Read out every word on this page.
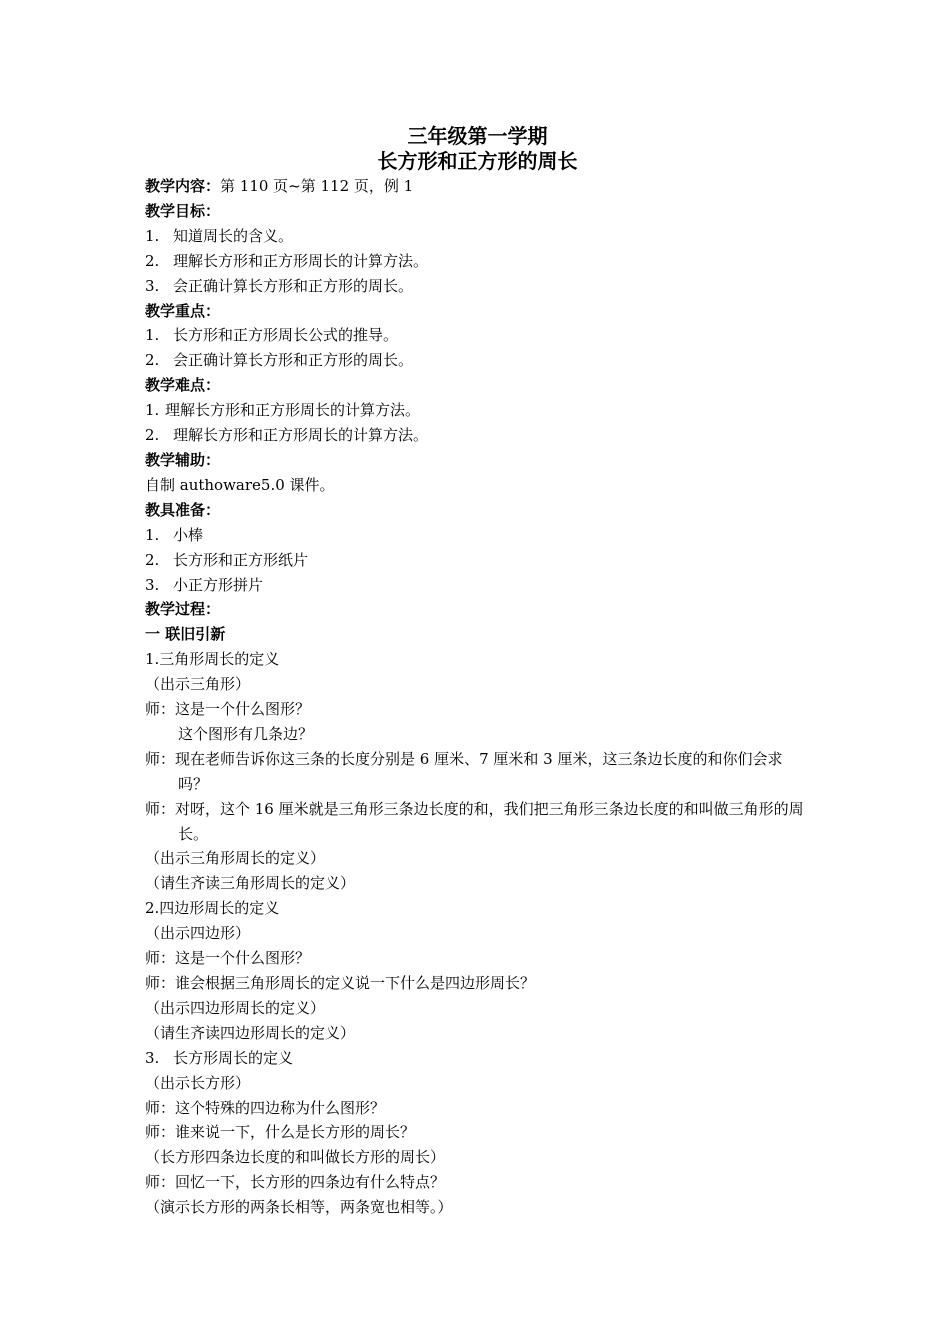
三年级第一学期

长方形和正方形的周长

教学内容：第 110 页~第 112 页，例 1

教学目标：

1. 知道周长的含义。

2. 理解长方形和正方形周长的计算方法。

3. 会正确计算长方形和正方形的周长。

教学重点：

1. 长方形和正方形周长公式的推导。

2. 会正确计算长方形和正方形的周长。

教学难点：

1. 理解长方形和正方形周长的计算方法。

2. 理解长方形和正方形周长的计算方法。

教学辅助：

自制 authoware5.0 课件。

教具准备：

1. 小棒

2. 长方形和正方形纸片

3. 小正方形拼片

教学过程：

一 联旧引新

1.三角形周长的定义

（出示三角形）

师：这是一个什么图形？

这个图形有几条边？

师：现在老师告诉你这三条的长度分别是 6 厘米、7 厘米和 3 厘米，这三条边长度的和你们会求吗？

师：对呀，这个 16 厘米就是三角形三条边长度的和，我们把三角形三条边长度的和叫做三角形的周长。

（出示三角形周长的定义）

（请生齐读三角形周长的定义）

2.四边形周长的定义

（出示四边形）

师：这是一个什么图形？

师：谁会根据三角形周长的定义说一下什么是四边形周长？

（出示四边形周长的定义）

（请生齐读四边形周长的定义）

3. 长方形周长的定义

（出示长方形）

师：这个特殊的四边称为什么图形？

师：谁来说一下，什么是长方形的周长？

（长方形四条边长度的和叫做长方形的周长）

师：回忆一下，长方形的四条边有什么特点？

（演示长方形的两条长相等，两条宽也相等。）
